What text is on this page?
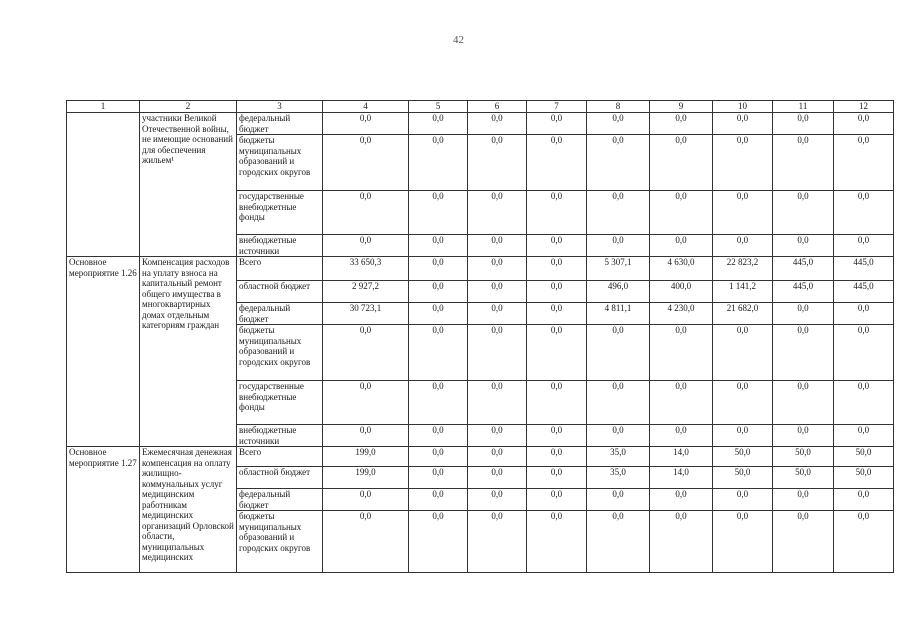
42
1	2	3	4	5	6	7	8	9	10	11	12
	участники Великой Отечественной войны, не имеющие оснований для обеспечения жильем¹	федеральный бюджет	0,0	0,0	0,0	0,0	0,0	0,0	0,0	0,0	0,0
		бюджеты муниципальных образований и городских округов	0,0	0,0	0,0	0,0	0,0	0,0	0,0	0,0	0,0
		государственные внебюджетные фонды	0,0	0,0	0,0	0,0	0,0	0,0	0,0	0,0	0,0
		внебюджетные источники	0,0	0,0	0,0	0,0	0,0	0,0	0,0	0,0	0,0
Основное мероприятие 1.26	Компенсация расходов на уплату взноса на капитальный ремонт общего имущества в многоквартирных домах отдельным категориям граждан	Всего	33 650,3	0,0	0,0	0,0	5 307,1	4 630,0	22 823,2	445,0	445,0
		областной бюджет	2 927,2	0,0	0,0	0,0	496,0	400,0	1 141,2	445,0	445,0
		федеральный бюджет	30 723,1	0,0	0,0	0,0	4 811,1	4 230,0	21 682,0	0,0	0,0
		бюджеты муниципальных образований и городских округов	0,0	0,0	0,0	0,0	0,0	0,0	0,0	0,0	0,0
		государственные внебюджетные фонды	0,0	0,0	0,0	0,0	0,0	0,0	0,0	0,0	0,0
		внебюджетные источники	0,0	0,0	0,0	0,0	0,0	0,0	0,0	0,0	0,0
Основное мероприятие 1.27	Ежемесячная денежная компенсация на оплату жилищно-коммунальных услуг медицинским работникам медицинских организаций Орловской области, муниципальных медицинских	Всего	199,0	0,0	0,0	0,0	35,0	14,0	50,0	50,0	50,0
		областной бюджет	199,0	0,0	0,0	0,0	35,0	14,0	50,0	50,0	50,0
		федеральный бюджет	0,0	0,0	0,0	0,0	0,0	0,0	0,0	0,0	0,0
		бюджеты муниципальных образований и городских округов	0,0	0,0	0,0	0,0	0,0	0,0	0,0	0,0	0,0
